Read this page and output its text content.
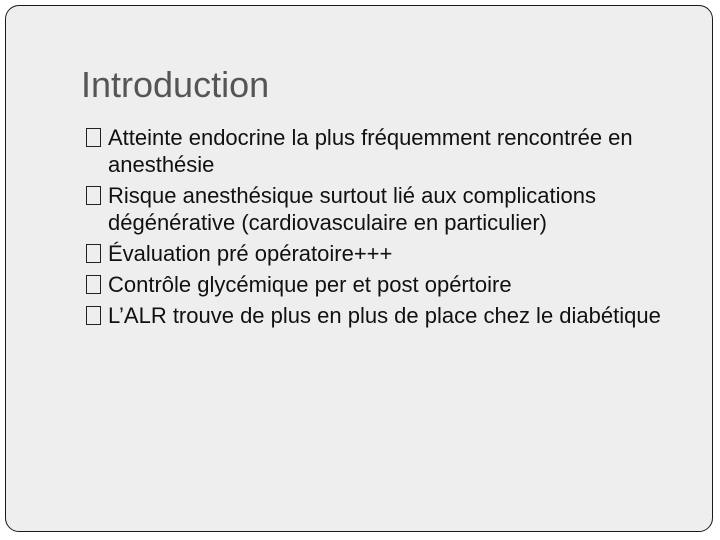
Introduction
Atteinte endocrine la plus fréquemment rencontrée en anesthésie
Risque anesthésique surtout lié aux complications dégénérative (cardiovasculaire en particulier)
Évaluation pré opératoire+++
Contrôle glycémique per et post opértoire
L’ALR trouve de plus en plus de place chez le diabétique
